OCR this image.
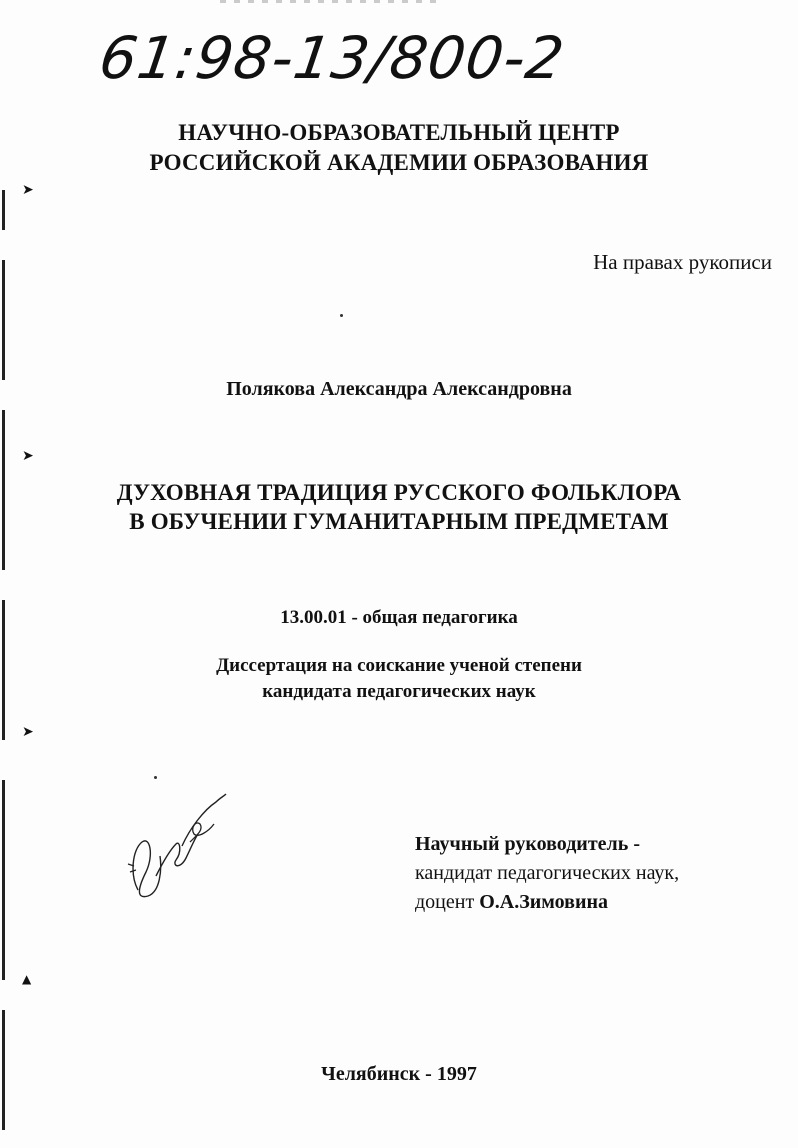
➤
➤
➤
▲
61:98-13/800-2
НАУЧНО-ОБРАЗОВАТЕЛЬНЫЙ ЦЕНТР
РОССИЙСКОЙ АКАДЕМИИ ОБРАЗОВАНИЯ
На правах рукописи
Полякова Александра Александровна
ДУХОВНАЯ ТРАДИЦИЯ РУССКОГО ФОЛЬКЛОРА
В ОБУЧЕНИИ ГУМАНИТАРНЫМ ПРЕДМЕТАМ
13.00.01 - общая педагогика
Диссертация на соискание ученой степени
кандидата педагогических наук
Научный руководитель -
кандидат педагогических наук,
доцент О.А.Зимовина
Челябинск - 1997
